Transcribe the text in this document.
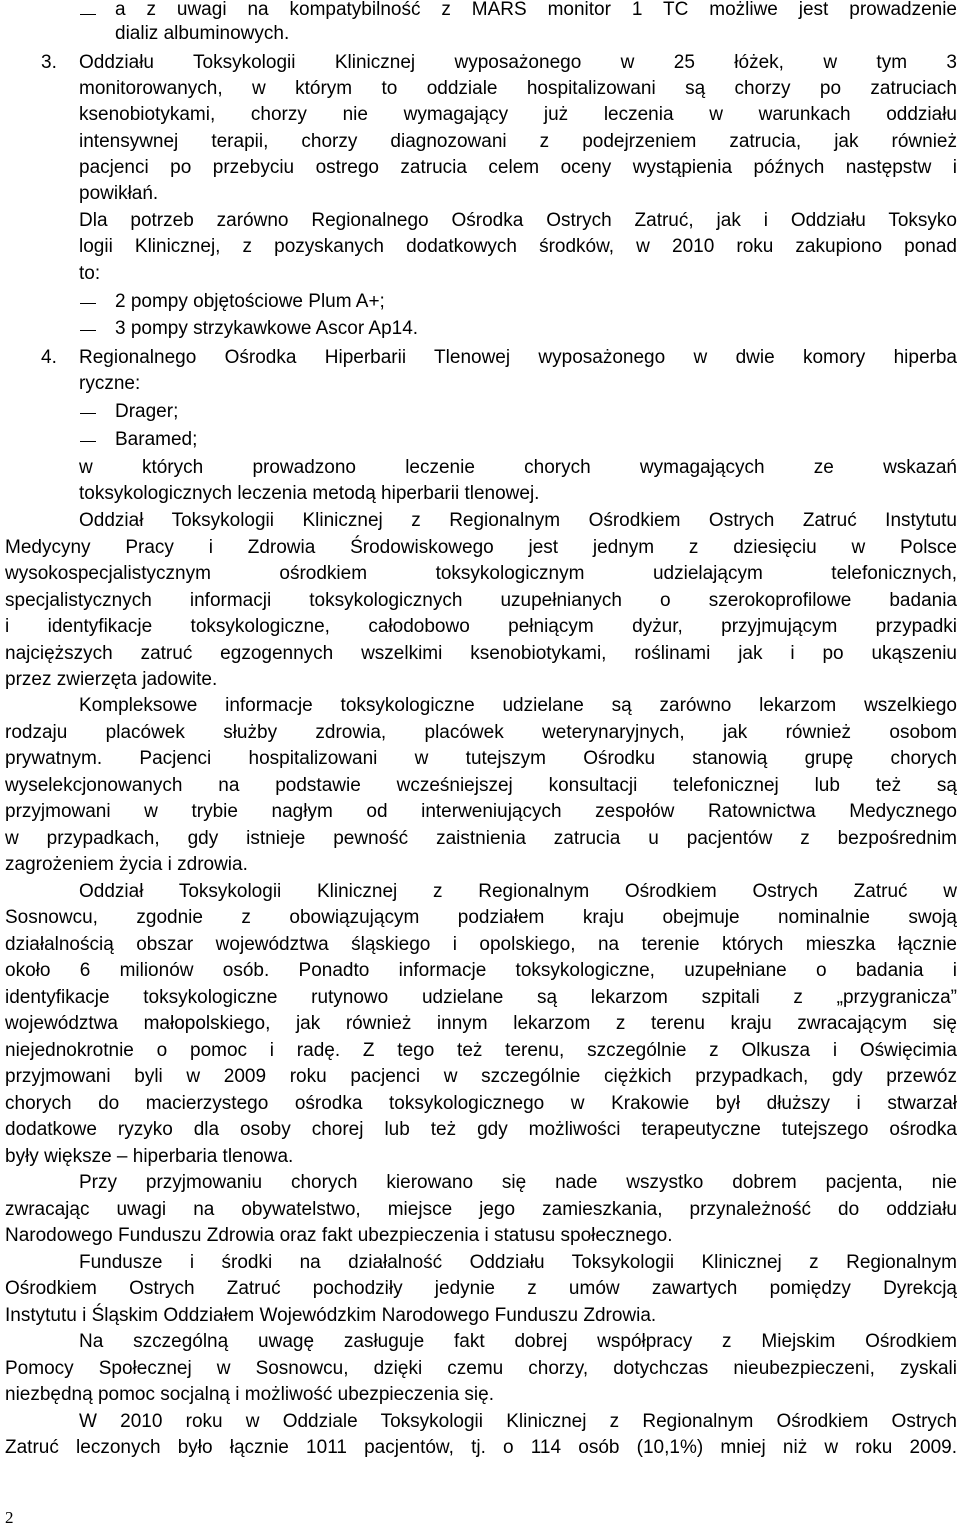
a z uwagi na kompatybilność z MARS monitor 1 TC możliwe jest prowadzenie
dializ albuminowych.
3. Oddziału Toksykologii Klinicznej wyposażonego w 25 łóżek, w tym 3
monitorowanych, w którym to oddziale hospitalizowani są chorzy po zatruciach
ksenobiotykami, chorzy nie wymagający już leczenia w warunkach oddziału
intensywnej terapii, chorzy diagnozowani z podejrzeniem zatrucia, jak również
pacjenci po przebyciu ostrego zatrucia celem oceny wystąpienia późnych następstw i
powikłań.
Dla potrzeb zarówno Regionalnego Ośrodka Ostrych Zatruć, jak i Oddziału Toksyko
logii Klinicznej, z pozyskanych dodatkowych środków, w 2010 roku zakupiono ponad
to:
2 pompy objętościowe Plum A+;
3 pompy strzykawkowe Ascor Ap14.
4. Regionalnego Ośrodka Hiperbarii Tlenowej wyposażonego w dwie komory hiperba
ryczne:
Drager;
Baramed;
w których prowadzono leczenie chorych wymagających ze wskazań
toksykologicznych leczenia metodą hiperbarii tlenowej.
Oddział Toksykologii Klinicznej z Regionalnym Ośrodkiem Ostrych Zatruć Instytutu
Medycyny Pracy i Zdrowia Środowiskowego jest jednym z dziesięciu w Polsce
wysokospecjalistycznym ośrodkiem toksykologicznym udzielającym telefonicznych,
specjalistycznych informacji toksykologicznych uzupełnianych o szerokoprofilowe badania
i identyfikacje toksykologiczne, całodobowo pełniącym dyżur, przyjmującym przypadki
najcięższych zatruć egzogennych wszelkimi ksenobiotykami, roślinami jak i po ukąszeniu
przez zwierzęta jadowite.
Kompleksowe informacje toksykologiczne udzielane są zarówno lekarzom wszelkiego
rodzaju placówek służby zdrowia, placówek weterynaryjnych, jak również osobom
prywatnym. Pacjenci hospitalizowani w tutejszym Ośrodku stanowią grupę chorych
wyselekcjonowanych na podstawie wcześniejszej konsultacji telefonicznej lub też są
przyjmowani w trybie nagłym od interweniujących zespołów Ratownictwa Medycznego
w przypadkach, gdy istnieje pewność zaistnienia zatrucia u pacjentów z bezpośrednim
zagrożeniem życia i zdrowia.
Oddział Toksykologii Klinicznej z Regionalnym Ośrodkiem Ostrych Zatruć w
Sosnowcu, zgodnie z obowiązującym podziałem kraju obejmuje nominalnie swoją
działalnością obszar województwa śląskiego i opolskiego, na terenie których mieszka łącznie
około 6 milionów osób. Ponadto informacje toksykologiczne, uzupełniane o badania i
identyfikacje toksykologiczne rutynowo udzielane są lekarzom szpitali z „przygranicza”
województwa małopolskiego, jak również innym lekarzom z terenu kraju zwracającym się
niejednokrotnie o pomoc i radę. Z tego też terenu, szczególnie z Olkusza i Oświęcimia
przyjmowani byli w 2009 roku pacjenci w szczególnie ciężkich przypadkach, gdy przewóz
chorych do macierzystego ośrodka toksykologicznego w Krakowie był dłuższy i stwarzał
dodatkowe ryzyko dla osoby chorej lub też gdy możliwości terapeutyczne tutejszego ośrodka
były większe – hiperbaria tlenowa.
Przy przyjmowaniu chorych kierowano się nade wszystko dobrem pacjenta, nie
zwracając uwagi na obywatelstwo, miejsce jego zamieszkania, przynależność do oddziału
Narodowego Funduszu Zdrowia oraz fakt ubezpieczenia i statusu społecznego.
Fundusze i środki na działalność Oddziału Toksykologii Klinicznej z Regionalnym
Ośrodkiem Ostrych Zatruć pochodziły jedynie z umów zawartych pomiędzy Dyrekcją
Instytutu i Śląskim Oddziałem Wojewódzkim Narodowego Funduszu Zdrowia.
Na szczególną uwagę zasługuje fakt dobrej współpracy z Miejskim Ośrodkiem
Pomocy Społecznej w Sosnowcu, dzięki czemu chorzy, dotychczas nieubezpieczeni, zyskali
niezbędną pomoc socjalną i możliwość ubezpieczenia się.
W 2010 roku w Oddziale Toksykologii Klinicznej z Regionalnym Ośrodkiem Ostrych
Zatruć leczonych było łącznie 1011 pacjentów, tj. o 114 osób (10,1%) mniej niż w roku 2009.
2
